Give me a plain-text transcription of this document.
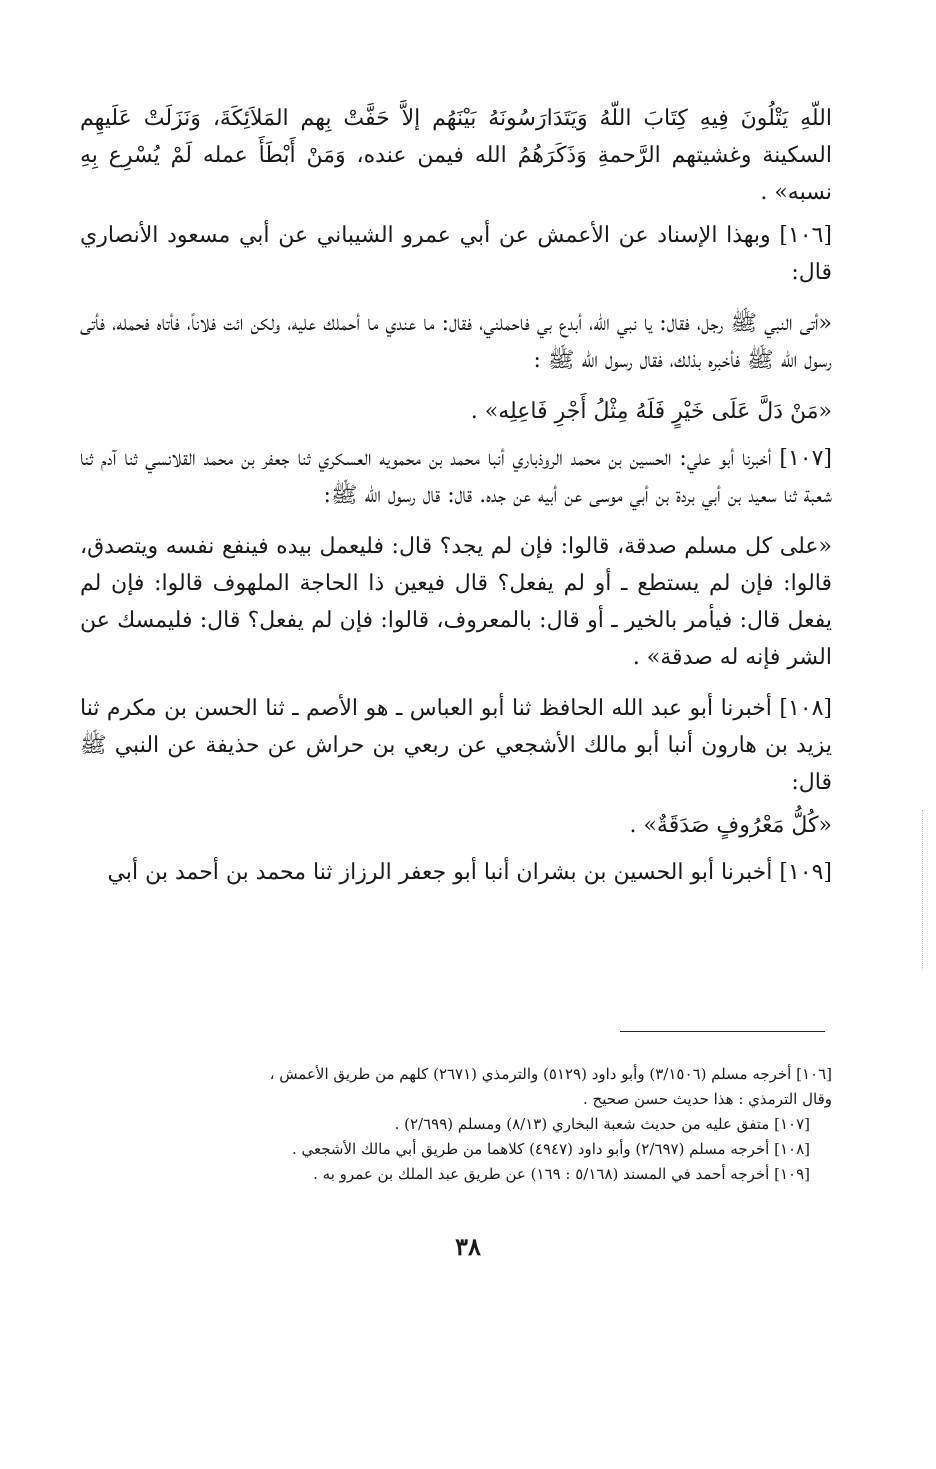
اللّهِ يَتْلُونَ فِيهِ كِتَابَ اللّهُ وَيَتَدَارَسُونَهُ بَيْنَهُم إلاَّ حَفَّتْ بِهم المَلاَئِكَةَ، وَنَزَلَتْ عَلَيهِم السكينة وغشيتهم الرَّحمةِ وَذَكَرَهُمُ الله فيمن عنده، وَمَنْ أَبْطَأَ عمله لَمْ يُسْرِع بِهِ نسبه» .

[١٠٦] وبهذا الإسناد عن الأعمش عن أبي عمرو الشيباني عن أبي مسعود الأنصاري قال:

«أتى النبي ﷺ رجل، فقال: يا نبي الله، أبدع بي فاحملني، فقال: ما عندي ما أحملك عليه، ولكن ائت فلاناً، فأتاه فحمله، فأتى رسول الله ﷺ فأخبره بذلك، فقال رسول الله ﷺ :

«مَنْ دَلَّ عَلَى خَيْرٍ فَلَهُ مِثْلُ أَجْرِ فَاعِلِه» .

[١٠٧] أخبرنا أبو علي: الحسين بن محمد الروذباري أنبا محمد بن محمويه العسكري ثنا جعفر بن محمد القلانسي ثنا آدم ثنا شعبة ثنا سعيد بن أبي بردة بن أبي موسى عن أبيه عن جده. قال: قال رسول الله ﷺ:

«على كل مسلم صدقة، قالوا: فإن لم يجد؟ قال: فليعمل بيده فينفع نفسه ويتصدق، قالوا: فإن لم يستطع ـ أو لم يفعل؟ قال فيعين ذا الحاجة الملهوف قالوا: فإن لم يفعل قال: فيأمر بالخير ـ أو قال: بالمعروف، قالوا: فإن لم يفعل؟ قال: فليمسك عن الشر فإنه له صدقة» .

[١٠٨] أخبرنا أبو عبد الله الحافظ ثنا أبو العباس ـ هو الأصم ـ ثنا الحسن بن مكرم ثنا يزيد بن هارون أنبا أبو مالك الأشجعي عن ربعي بن حراش عن حذيفة عن النبي ﷺ قال:

«كُلُّ مَعْرُوفٍ صَدَقَةٌ» .

[١٠٩] أخبرنا أبو الحسين بن بشران أنبا أبو جعفر الرزاز ثنا محمد بن أحمد بن أبي

[١٠٦] أخرجه مسلم (٣/١٥٠٦) وأبو داود (٥١٢٩) والترمذي (٢٦٧١) كلهم من طريق الأعمش ،

وقال الترمذي : هذا حديث حسن صحيح .

[١٠٧] متفق عليه من حديث شعبة البخاري (٨/١٣) ومسلم (٢/٦٩٩) .

[١٠٨] أخرجه مسلم (٢/٦٩٧) وأبو داود (٤٩٤٧) كلاهما من طريق أبي مالك الأشجعي .

[١٠٩] أخرجه أحمد في المسند (٥/١٦٨ : ١٦٩) عن طريق عبد الملك بن عمرو به .

٣٨
